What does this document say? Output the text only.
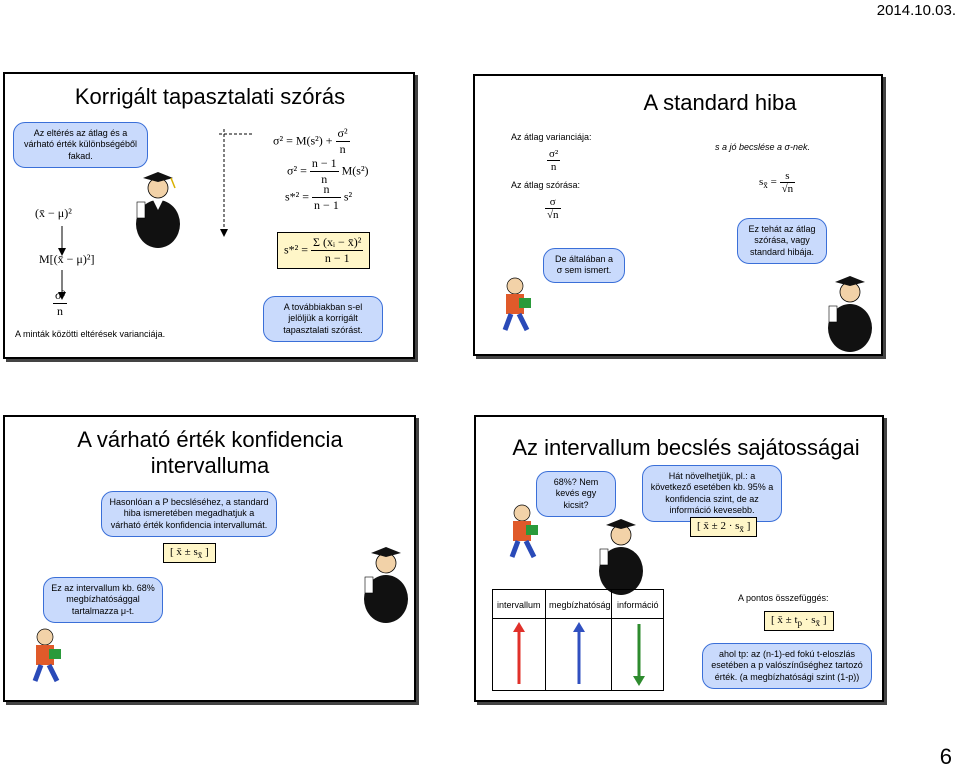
2014.10.03.
6
Korrigált tapasztalati szórás
Az eltérés az átlag és a várható érték különbségéből fakad.
$\sigma^2 = M(s^2) + \frac{\text{σ²}}{n}$
$\sigma^2 = \frac{n - 1}{n} M(s^2)$
$s*^2 = \frac{n}{n - 1} s^2$
(x̄ − μ)²
M[(x̄ − μ)²]
$\frac{\text{σ²}}{n}$
$s*^2 = \frac{\text{Σ (xᵢ − x̄)²}}{n - 1}$
A továbbiakban s-el jelöljük a korrigált tapasztalati szórást.
A minták közötti eltérések varianciája.
A standard hiba
Az átlag varianciája:
$\frac{\text{σ²}}{n}$
Az átlag szórása:
$\frac{\sigma}{√n}$
s a jó becslése a σ-nek.
$s_{x̄} = \frac{s}{√n}$
De általában a σ sem ismert.
Ez tehát az átlag szórása, vagy standard hibája.
A várható érték konfidencia intervalluma
Hasonlóan a P becsléséhez, a standard hiba ismeretében megadhatjuk a várható érték konfidencia intervallumát.
[ x̄ ± $s_{x̄}$ ]
Ez az intervallum kb. 68% megbízhatósággal tartalmazza μ-t.
Az intervallum becslés sajátosságai
68%? Nem kevés egy kicsit?
Hát növelhetjük, pl.: a következő esetében kb. 95% a konfidencia szint, de az információ kevesebb.
[ x̄ ± $2 \cdot s_{x̄}$ ]
intervallum megbízhatóság információ
A pontos összefüggés:
[ x̄ ± $t_p \cdot s_{x̄}$ ]
ahol tp: az (n-1)-ed fokú t-eloszlás esetében a p valószínűséghez tartozó érték. (a megbízhatósági szint (1-p))
